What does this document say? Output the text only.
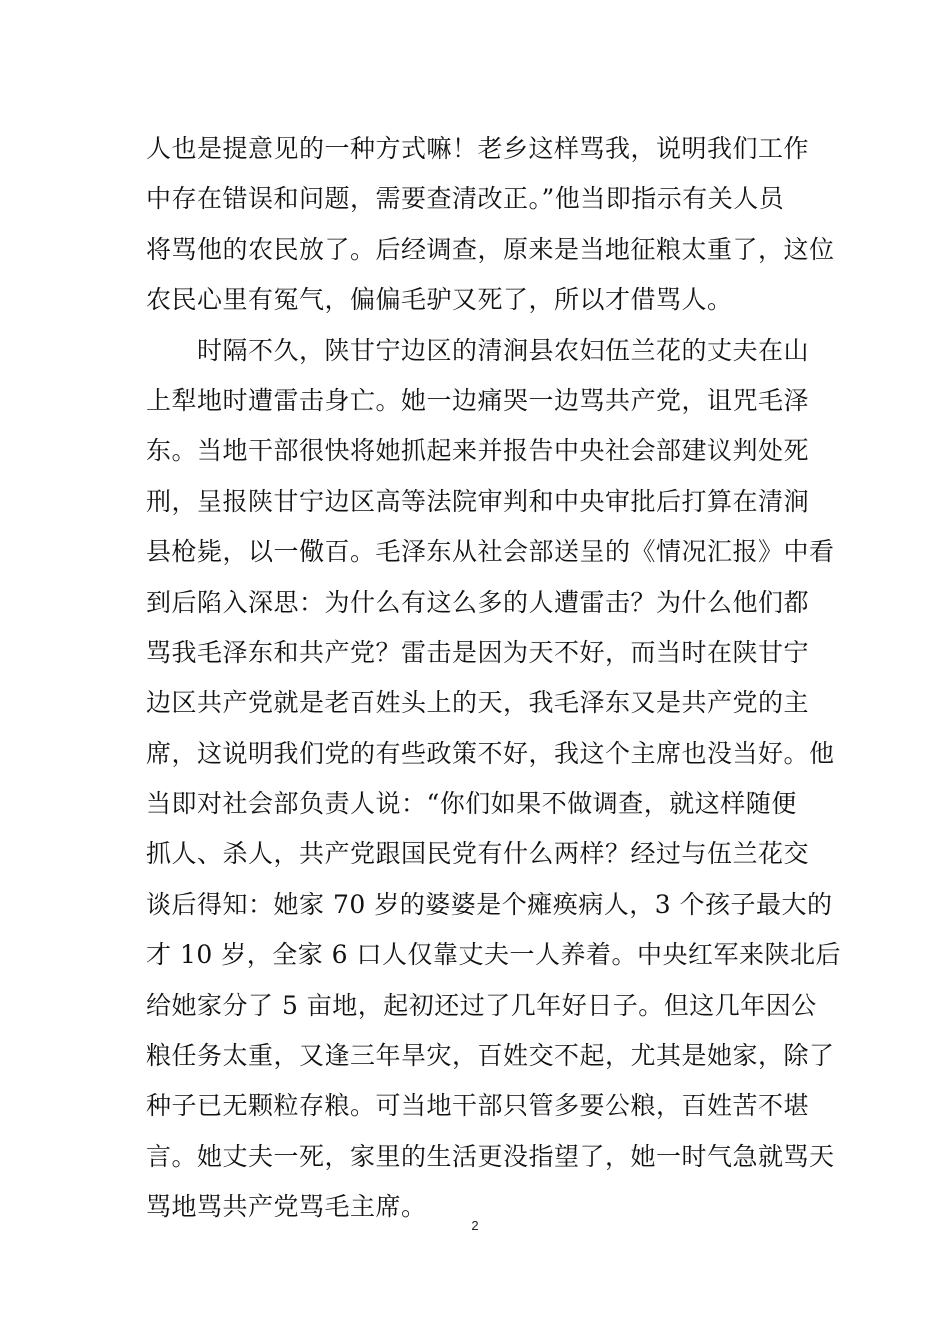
人也是提意见的一种方式嘛！老乡这样骂我，说明我们工作
中存在错误和问题，需要查清改正。”他当即指示有关人员
将骂他的农民放了。后经调查，原来是当地征粮太重了，这位
农民心里有冤气，偏偏毛驴又死了，所以才借骂人。
　　时隔不久，陕甘宁边区的清涧县农妇伍兰花的丈夫在山
上犁地时遭雷击身亡。她一边痛哭一边骂共产党，诅咒毛泽
东。当地干部很快将她抓起来并报告中央社会部建议判处死
刑，呈报陕甘宁边区高等法院审判和中央审批后打算在清涧
县枪毙，以一儆百。毛泽东从社会部送呈的《情况汇报》中看
到后陷入深思：为什么有这么多的人遭雷击？为什么他们都
骂我毛泽东和共产党？雷击是因为天不好，而当时在陕甘宁
边区共产党就是老百姓头上的天，我毛泽东又是共产党的主
席，这说明我们党的有些政策不好，我这个主席也没当好。他
当即对社会部负责人说：“你们如果不做调查，就这样随便
抓人、杀人，共产党跟国民党有什么两样？经过与伍兰花交
谈后得知：她家 70 岁的婆婆是个瘫痪病人，3 个孩子最大的
才 10 岁，全家 6 口人仅靠丈夫一人养着。中央红军来陕北后
给她家分了 5 亩地，起初还过了几年好日子。但这几年因公
粮任务太重，又逢三年旱灾，百姓交不起，尤其是她家，除了
种子已无颗粒存粮。可当地干部只管多要公粮，百姓苦不堪
言。她丈夫一死，家里的生活更没指望了，她一时气急就骂天
骂地骂共产党骂毛主席。
2
